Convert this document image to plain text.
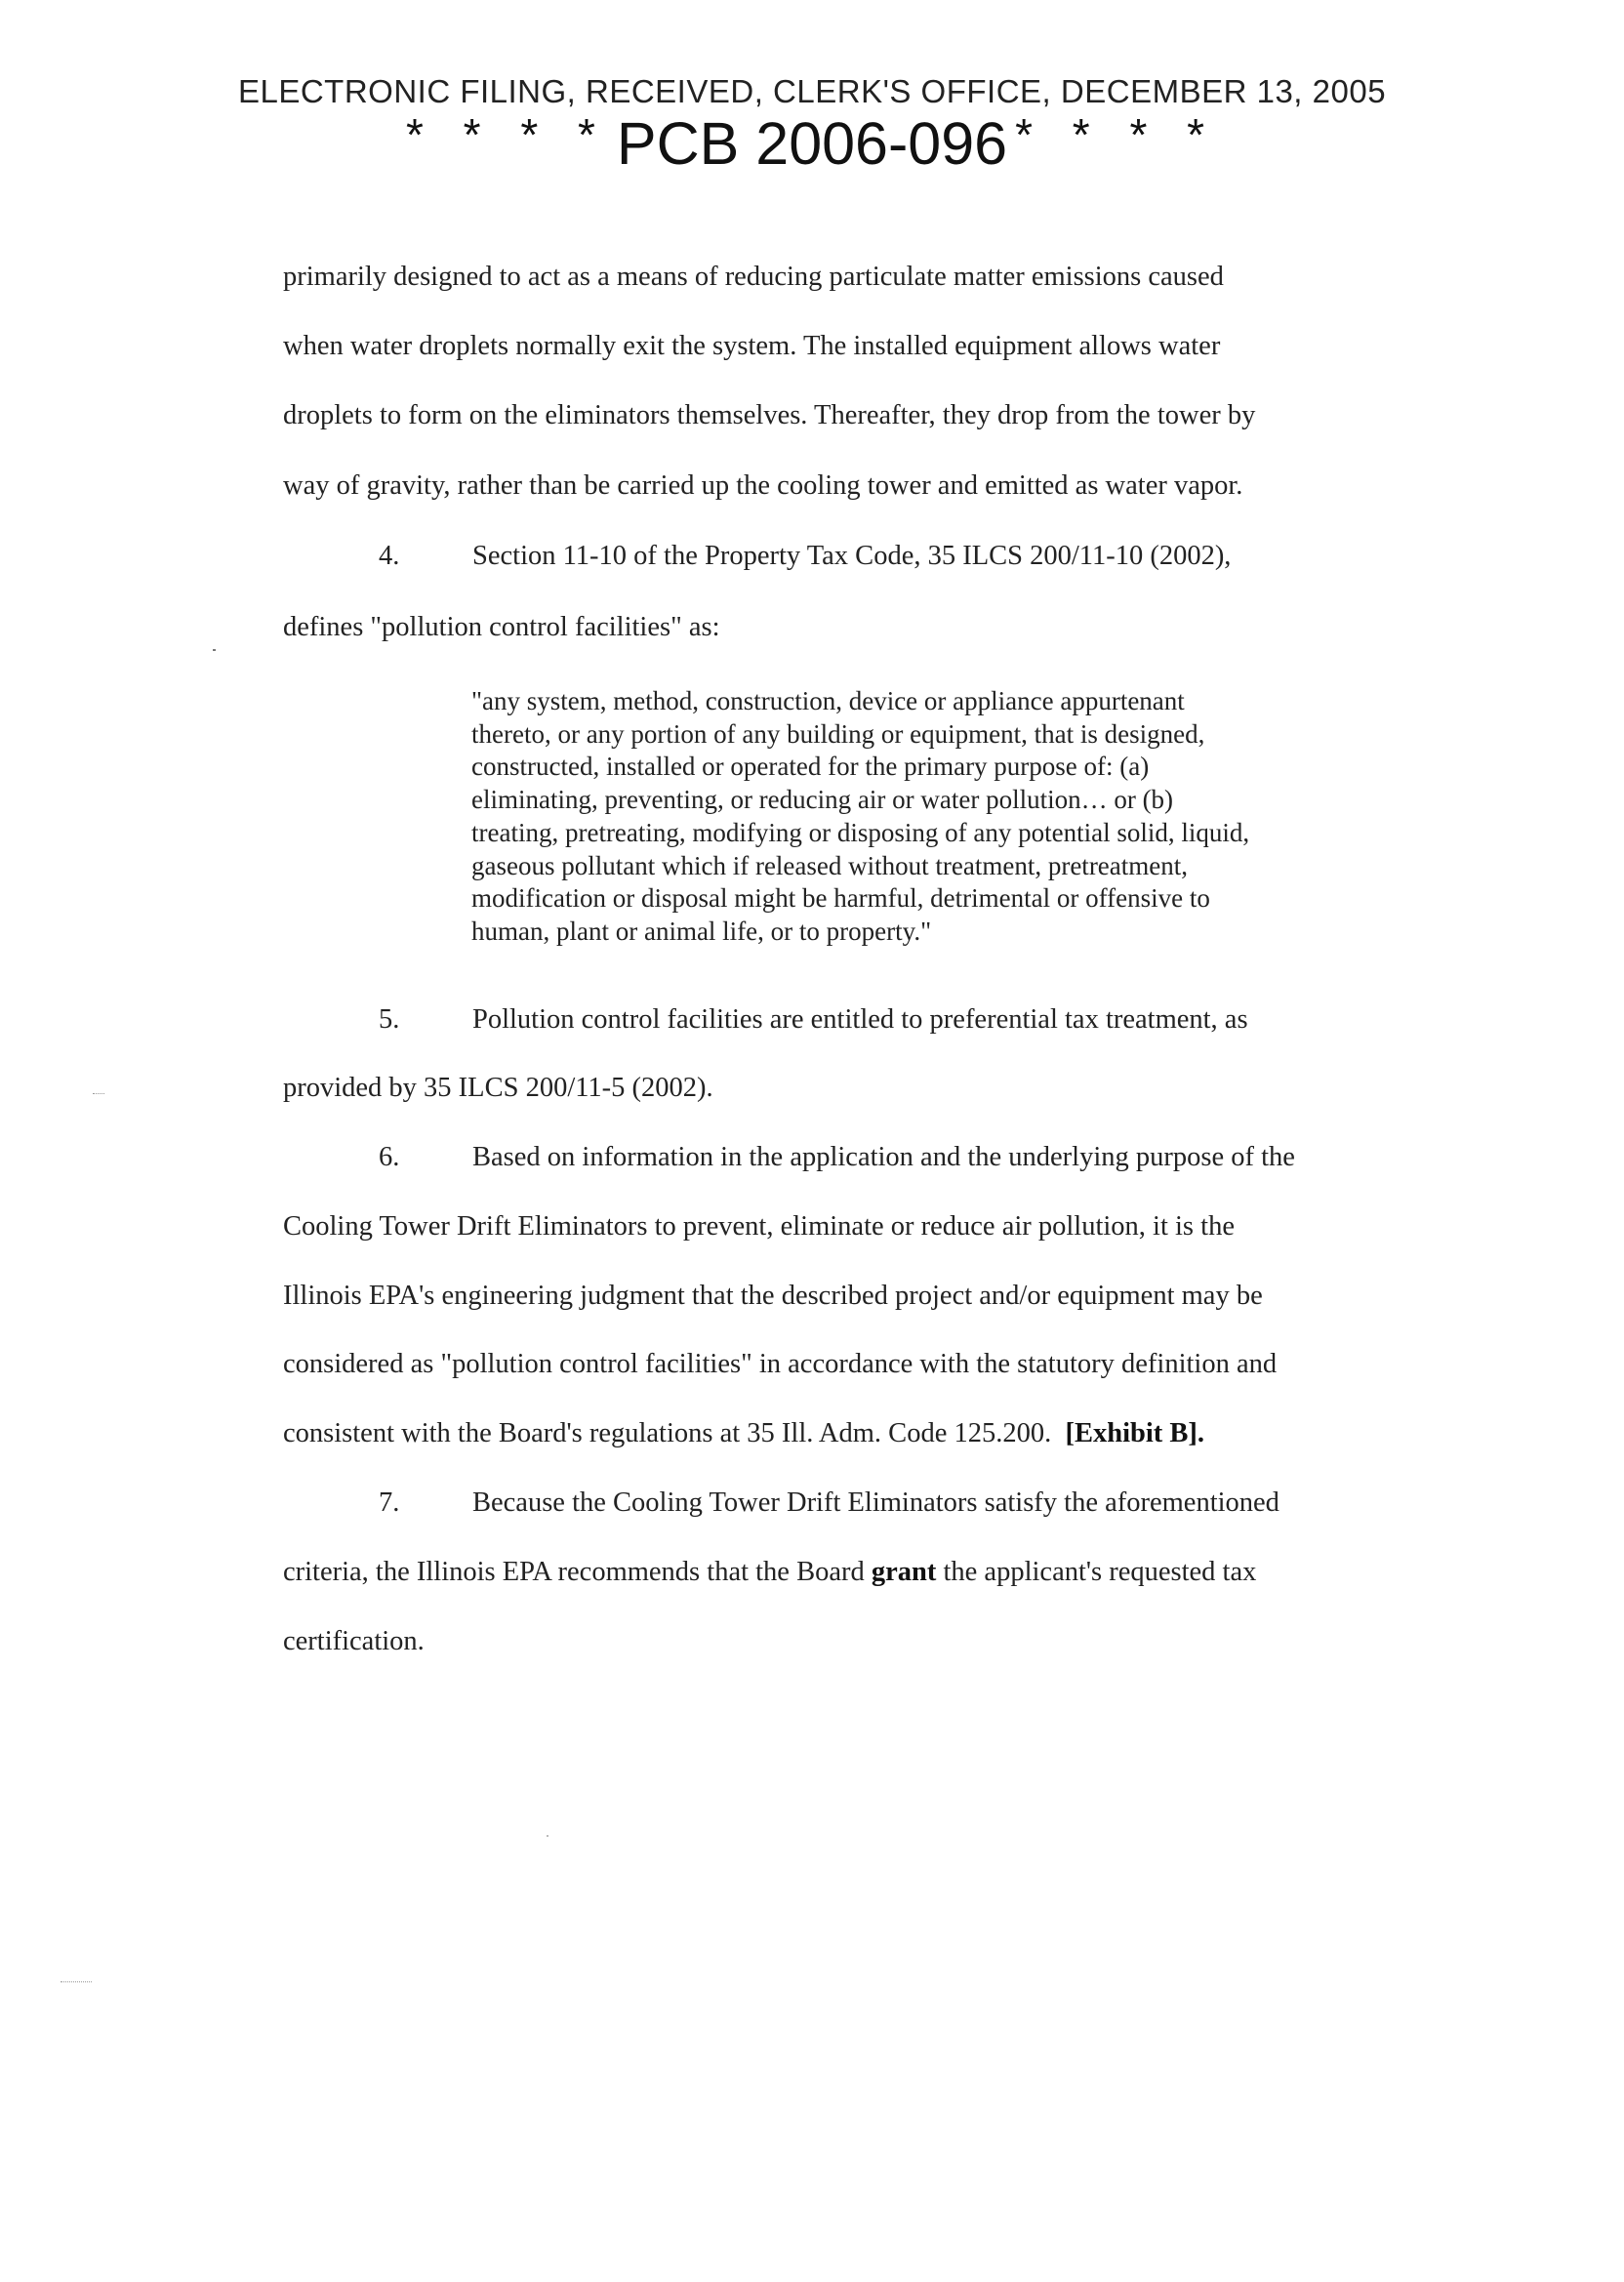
ELECTRONIC FILING, RECEIVED, CLERK'S OFFICE, DECEMBER 13, 2005
* * * * PCB 2006-096 * * * *
primarily designed to act as a means of reducing particulate matter emissions caused
when water droplets normally exit the system. The installed equipment allows water
droplets to form on the eliminators themselves. Thereafter, they drop from the tower by
way of gravity, rather than be carried up the cooling tower and emitted as water vapor.
4.	Section 11-10 of the Property Tax Code, 35 ILCS 200/11-10 (2002),
defines "pollution control facilities" as:
"any system, method, construction, device or appliance appurtenant
thereto, or any portion of any building or equipment, that is designed,
constructed, installed or operated for the primary purpose of: (a)
eliminating, preventing, or reducing air or water pollution… or (b)
treating, pretreating, modifying or disposing of any potential solid, liquid,
gaseous pollutant which if released without treatment, pretreatment,
modification or disposal might be harmful, detrimental or offensive to
human, plant or animal life, or to property."
5.	Pollution control facilities are entitled to preferential tax treatment, as
provided by 35 ILCS 200/11-5 (2002).
6.	Based on information in the application and the underlying purpose of the
Cooling Tower Drift Eliminators to prevent, eliminate or reduce air pollution, it is the
Illinois EPA's engineering judgment that the described project and/or equipment may be
considered as "pollution control facilities" in accordance with the statutory definition and
consistent with the Board's regulations at 35 Ill. Adm. Code 125.200.  [Exhibit B].
7.	Because the Cooling Tower Drift Eliminators satisfy the aforementioned
criteria, the Illinois EPA recommends that the Board grant the applicant's requested tax
certification.
